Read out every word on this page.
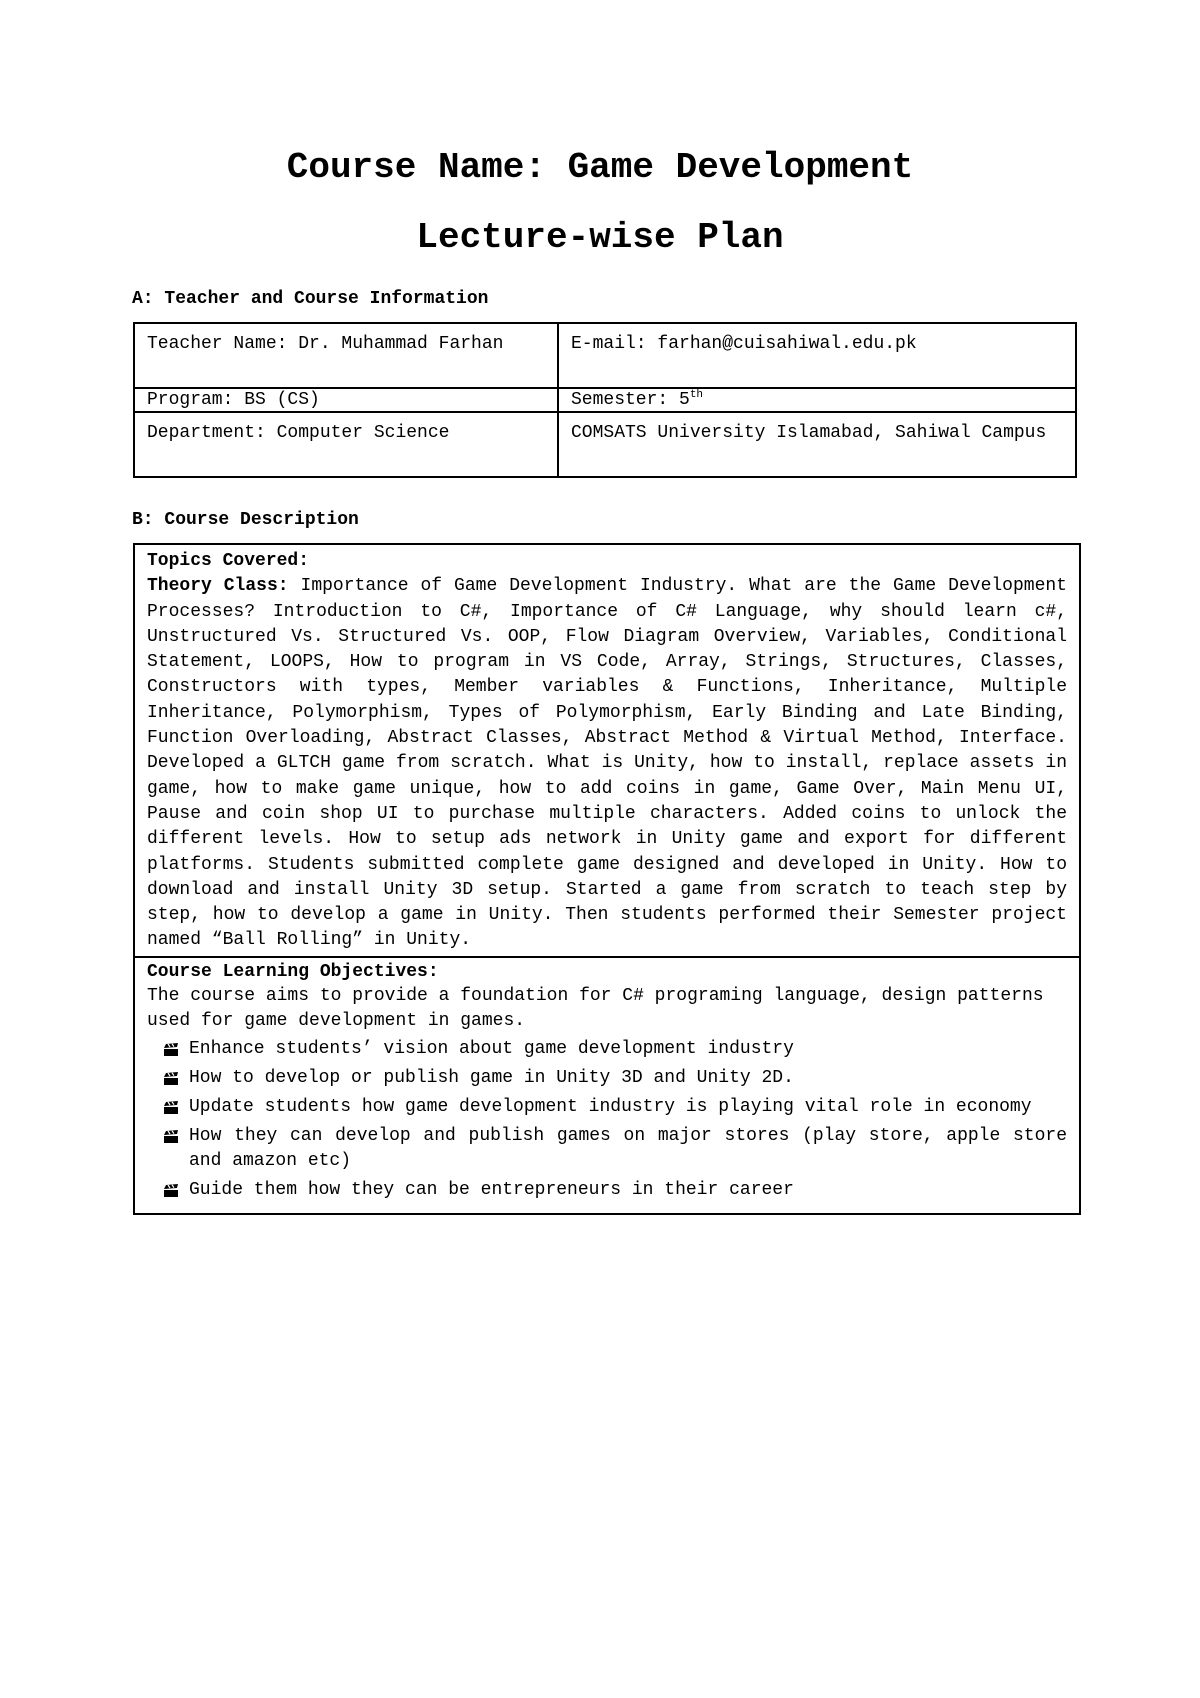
Course Name: Game Development
Lecture-wise Plan

A: Teacher and Course Information

Teacher Name: Dr. Muhammad Farhan	E-mail: farhan@cuisahiwal.edu.pk
Program: BS (CS)	Semester: 5th
Department: Computer Science	COMSATS University Islamabad, Sahiwal Campus

B: Course Description

Topics Covered:
Theory Class: Importance of Game Development Industry. What are the Game Development Processes? Introduction to C#, Importance of C# Language, why should learn c#, Unstructured Vs. Structured Vs. OOP, Flow Diagram Overview, Variables, Conditional Statement, LOOPS, How to program in VS Code, Array, Strings, Structures, Classes, Constructors with types, Member variables & Functions, Inheritance, Multiple Inheritance, Polymorphism, Types of Polymorphism, Early Binding and Late Binding, Function Overloading, Abstract Classes, Abstract Method & Virtual Method, Interface. Developed a GLTCH game from scratch. What is Unity, how to install, replace assets in game, how to make game unique, how to add coins in game, Game Over, Main Menu UI, Pause and coin shop UI to purchase multiple characters. Added coins to unlock the different levels. How to setup ads network in Unity game and export for different platforms. Students submitted complete game designed and developed in Unity. How to download and install Unity 3D setup. Started a game from scratch to teach step by step, how to develop a game in Unity. Then students performed their Semester project named “Ball Rolling” in Unity.
Course Learning Objectives:
The course aims to provide a foundation for C# programing language, design patterns used for game development in games.
Enhance students’ vision about game development industry
How to develop or publish game in Unity 3D and Unity 2D.
Update students how game development industry is playing vital role in economy
How they can develop and publish games on major stores (play store, apple store and amazon etc)
Guide them how they can be entrepreneurs in their career
